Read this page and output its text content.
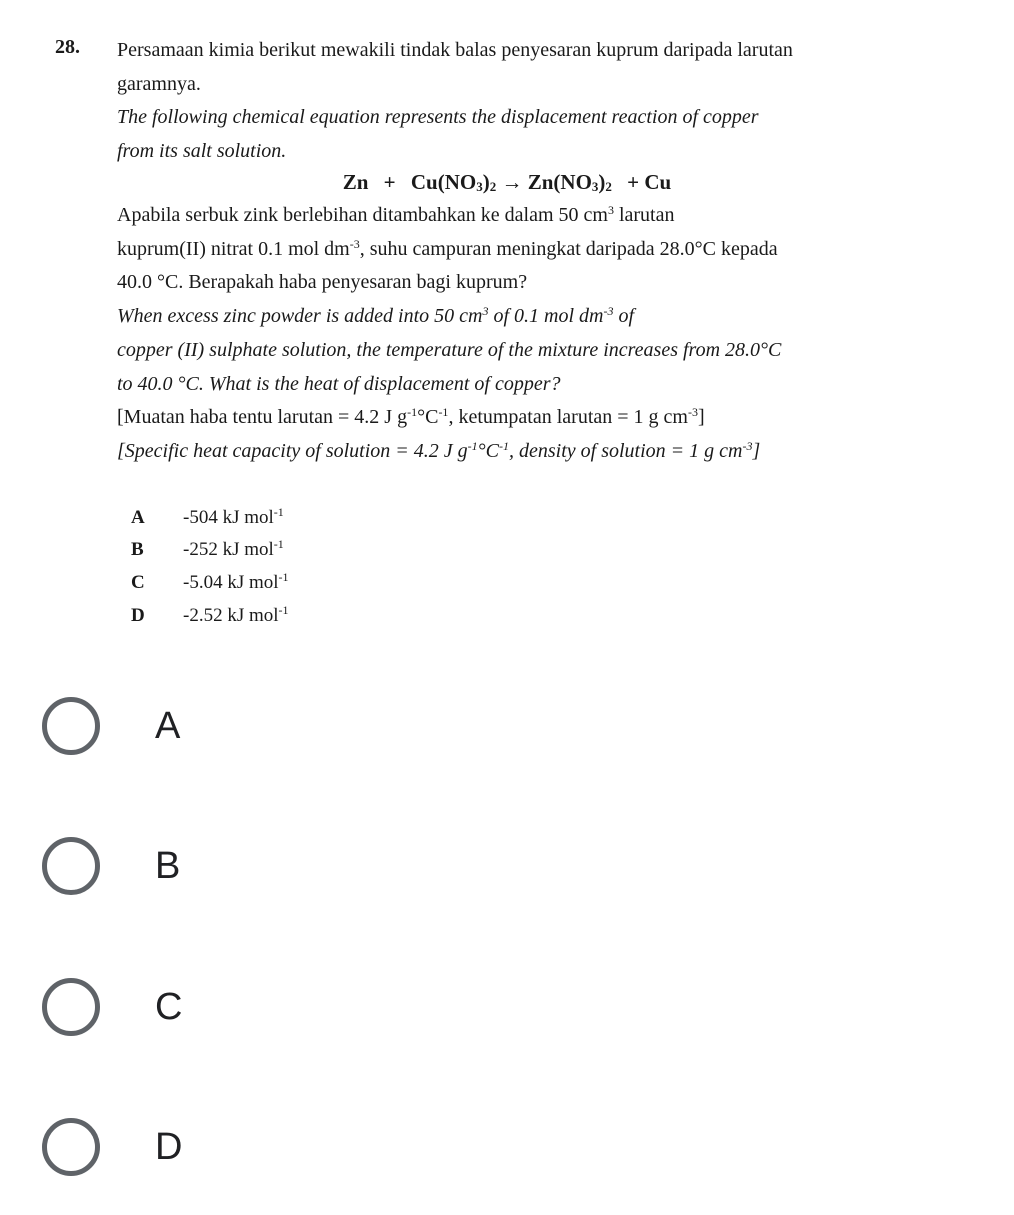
28. Persamaan kimia berikut mewakili tindak balas penyesaran kuprum daripada larutan
garamnya.
The following chemical equation represents the displacement reaction of copper
from its salt solution.
$Zn + Cu(NO_3)_2 \to Zn(NO_3)_2 + Cu$
Apabila serbuk zink berlebihan ditambahkan ke dalam 50 $cm^3$ larutan
kuprum(II) nitrat 0.1 mol $dm^{-3}$, suhu campuran meningkat daripada 28.0°C kepada
40.0 °C. Berapakah haba penyesaran bagi kuprum?
When excess zinc powder is added into 50 $cm^3$ of 0.1 mol $dm^{-3}$ of
copper (II) sulphate solution, the temperature of the mixture increases from 28.0°C
to 40.0 °C. What is the heat of displacement of copper?
[Muatan haba tentu larutan = 4.2 J $g^{-1}^\circ C^{-1}$, ketumpatan larutan = 1 g $cm^{-3}$]
[Specific heat capacity of solution = 4.2 J $g^{-1}^\circ C^{-1}$, density of solution = 1 g $cm^{-3}$]
A -504 kJ mol$^{-1}$
B -252 kJ mol$^{-1}$
C -5.04 kJ mol$^{-1}$
D -2.52 kJ mol$^{-1}$
A
B
C
D
